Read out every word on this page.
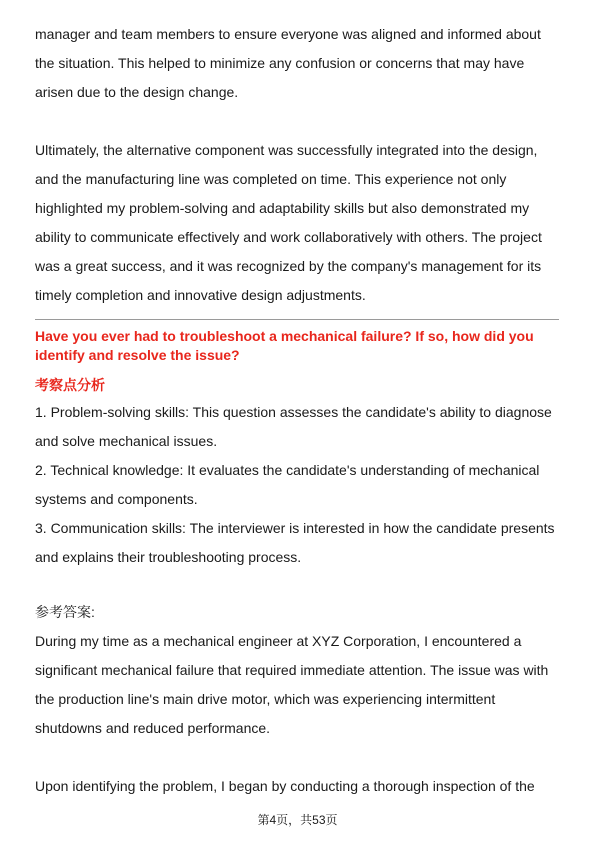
manager and team members to ensure everyone was aligned and informed about the situation. This helped to minimize any confusion or concerns that may have arisen due to the design change.

Ultimately, the alternative component was successfully integrated into the design, and the manufacturing line was completed on time. This experience not only highlighted my problem-solving and adaptability skills but also demonstrated my ability to communicate effectively and work collaboratively with others. The project was a great success, and it was recognized by the company's management for its timely completion and innovative design adjustments.

Have you ever had to troubleshoot a mechanical failure? If so, how did you identify and resolve the issue?

考察点分析

1. Problem-solving skills: This question assesses the candidate's ability to diagnose and solve mechanical issues.
2. Technical knowledge: It evaluates the candidate's understanding of mechanical systems and components.
3. Communication skills: The interviewer is interested in how the candidate presents and explains their troubleshooting process.

参考答案:

During my time as a mechanical engineer at XYZ Corporation, I encountered a significant mechanical failure that required immediate attention. The issue was with the production line's main drive motor, which was experiencing intermittent shutdowns and reduced performance.

Upon identifying the problem, I began by conducting a thorough inspection of the

第4页，共53页
